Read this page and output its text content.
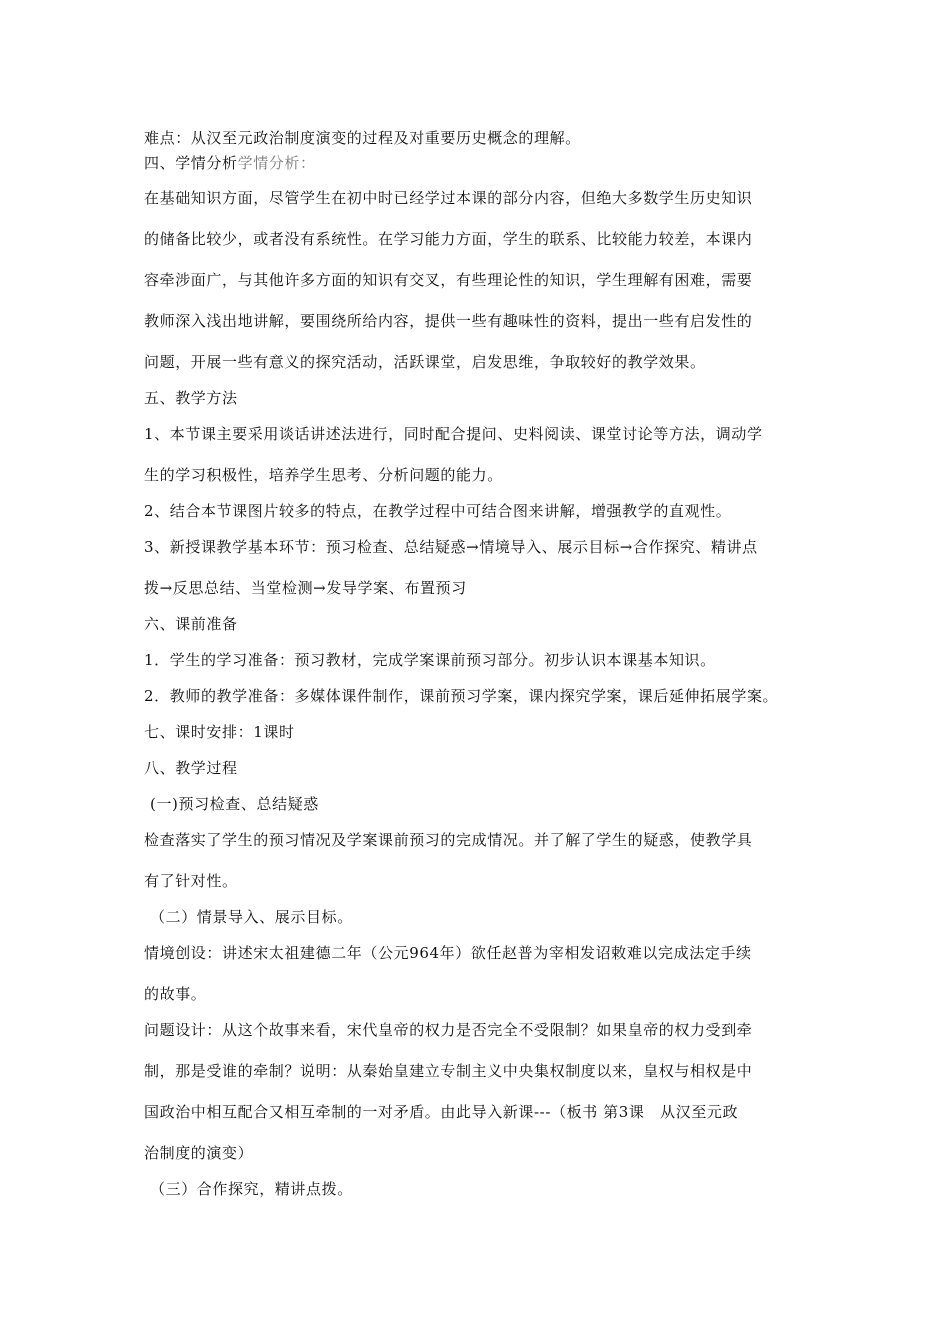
难点：从汉至元政治制度演变的过程及对重要历史概念的理解。
四、学情分析学情分析：
在基础知识方面，尽管学生在初中时已经学过本课的部分内容，但绝大多数学生历史知识
的储备比较少，或者没有系统性。在学习能力方面，学生的联系、比较能力较差，本课内
容牵涉面广，与其他许多方面的知识有交叉，有些理论性的知识，学生理解有困难，需要
教师深入浅出地讲解，要围绕所给内容，提供一些有趣味性的资料，提出一些有启发性的
问题，开展一些有意义的探究活动，活跃课堂，启发思维，争取较好的教学效果。
五、教学方法
1、本节课主要采用谈话讲述法进行，同时配合提问、史料阅读、课堂讨论等方法，调动学
生的学习积极性，培养学生思考、分析问题的能力。
2、结合本节课图片较多的特点，在教学过程中可结合图来讲解，增强教学的直观性。
3、新授课教学基本环节：预习检查、总结疑惑→情境导入、展示目标→合作探究、精讲点
拨→反思总结、当堂检测→发导学案、布置预习
六、课前准备
1．学生的学习准备：预习教材，完成学案课前预习部分。初步认识本课基本知识。
2．教师的教学准备：多媒体课件制作，课前预习学案，课内探究学案，课后延伸拓展学案。
七、课时安排：1课时
八、教学过程
(一)预习检查、总结疑惑
检查落实了学生的预习情况及学案课前预习的完成情况。并了解了学生的疑惑，使教学具
有了针对性。
（二）情景导入、展示目标。
情境创设：讲述宋太祖建德二年（公元964年）欲任赵普为宰相发诏敕难以完成法定手续
的故事。
问题设计：从这个故事来看，宋代皇帝的权力是否完全不受限制？如果皇帝的权力受到牵
制，那是受谁的牵制？说明：从秦始皇建立专制主义中央集权制度以来，皇权与相权是中
国政治中相互配合又相互牵制的一对矛盾。由此导入新课---（板书 第3课　从汉至元政
治制度的演变）
（三）合作探究，精讲点拨。
